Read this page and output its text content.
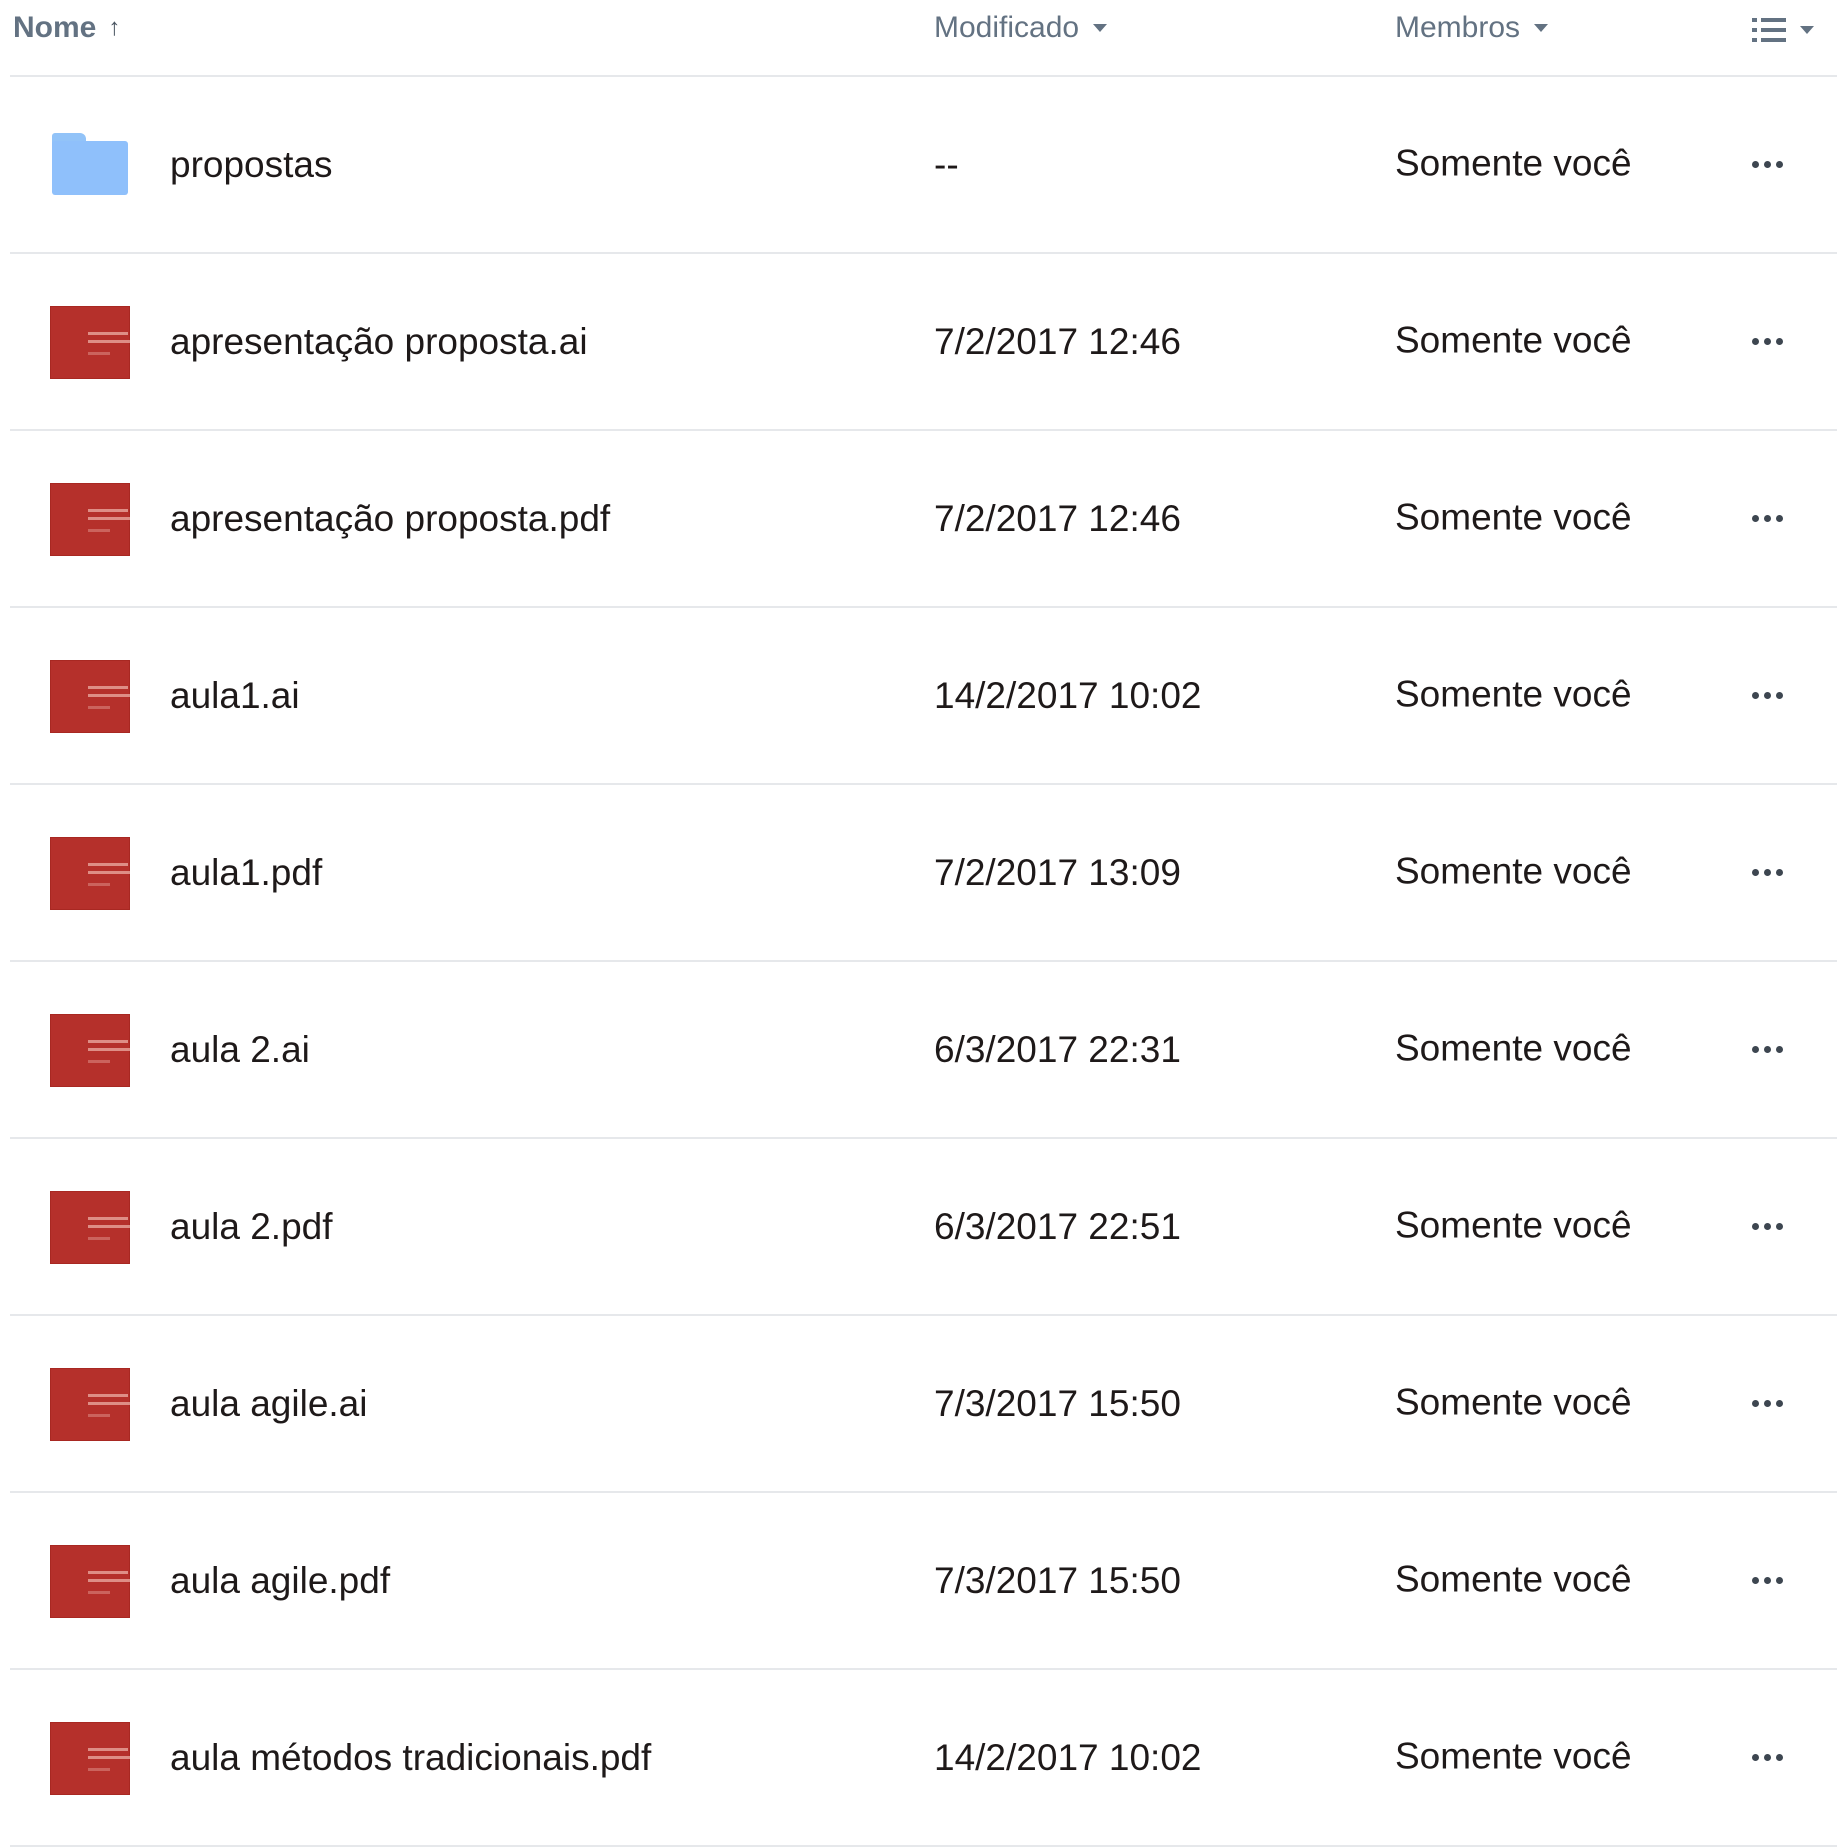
Nome ↑	Modificado	Membros
propostas	--	Somente você
apresentação proposta.ai	7/2/2017 12:46	Somente você
apresentação proposta.pdf	7/2/2017 12:46	Somente você
aula1.ai	14/2/2017 10:02	Somente você
aula1.pdf	7/2/2017 13:09	Somente você
aula 2.ai	6/3/2017 22:31	Somente você
aula 2.pdf	6/3/2017 22:51	Somente você
aula agile.ai	7/3/2017 15:50	Somente você
aula agile.pdf	7/3/2017 15:50	Somente você
aula métodos tradicionais.pdf	14/2/2017 10:02	Somente você
